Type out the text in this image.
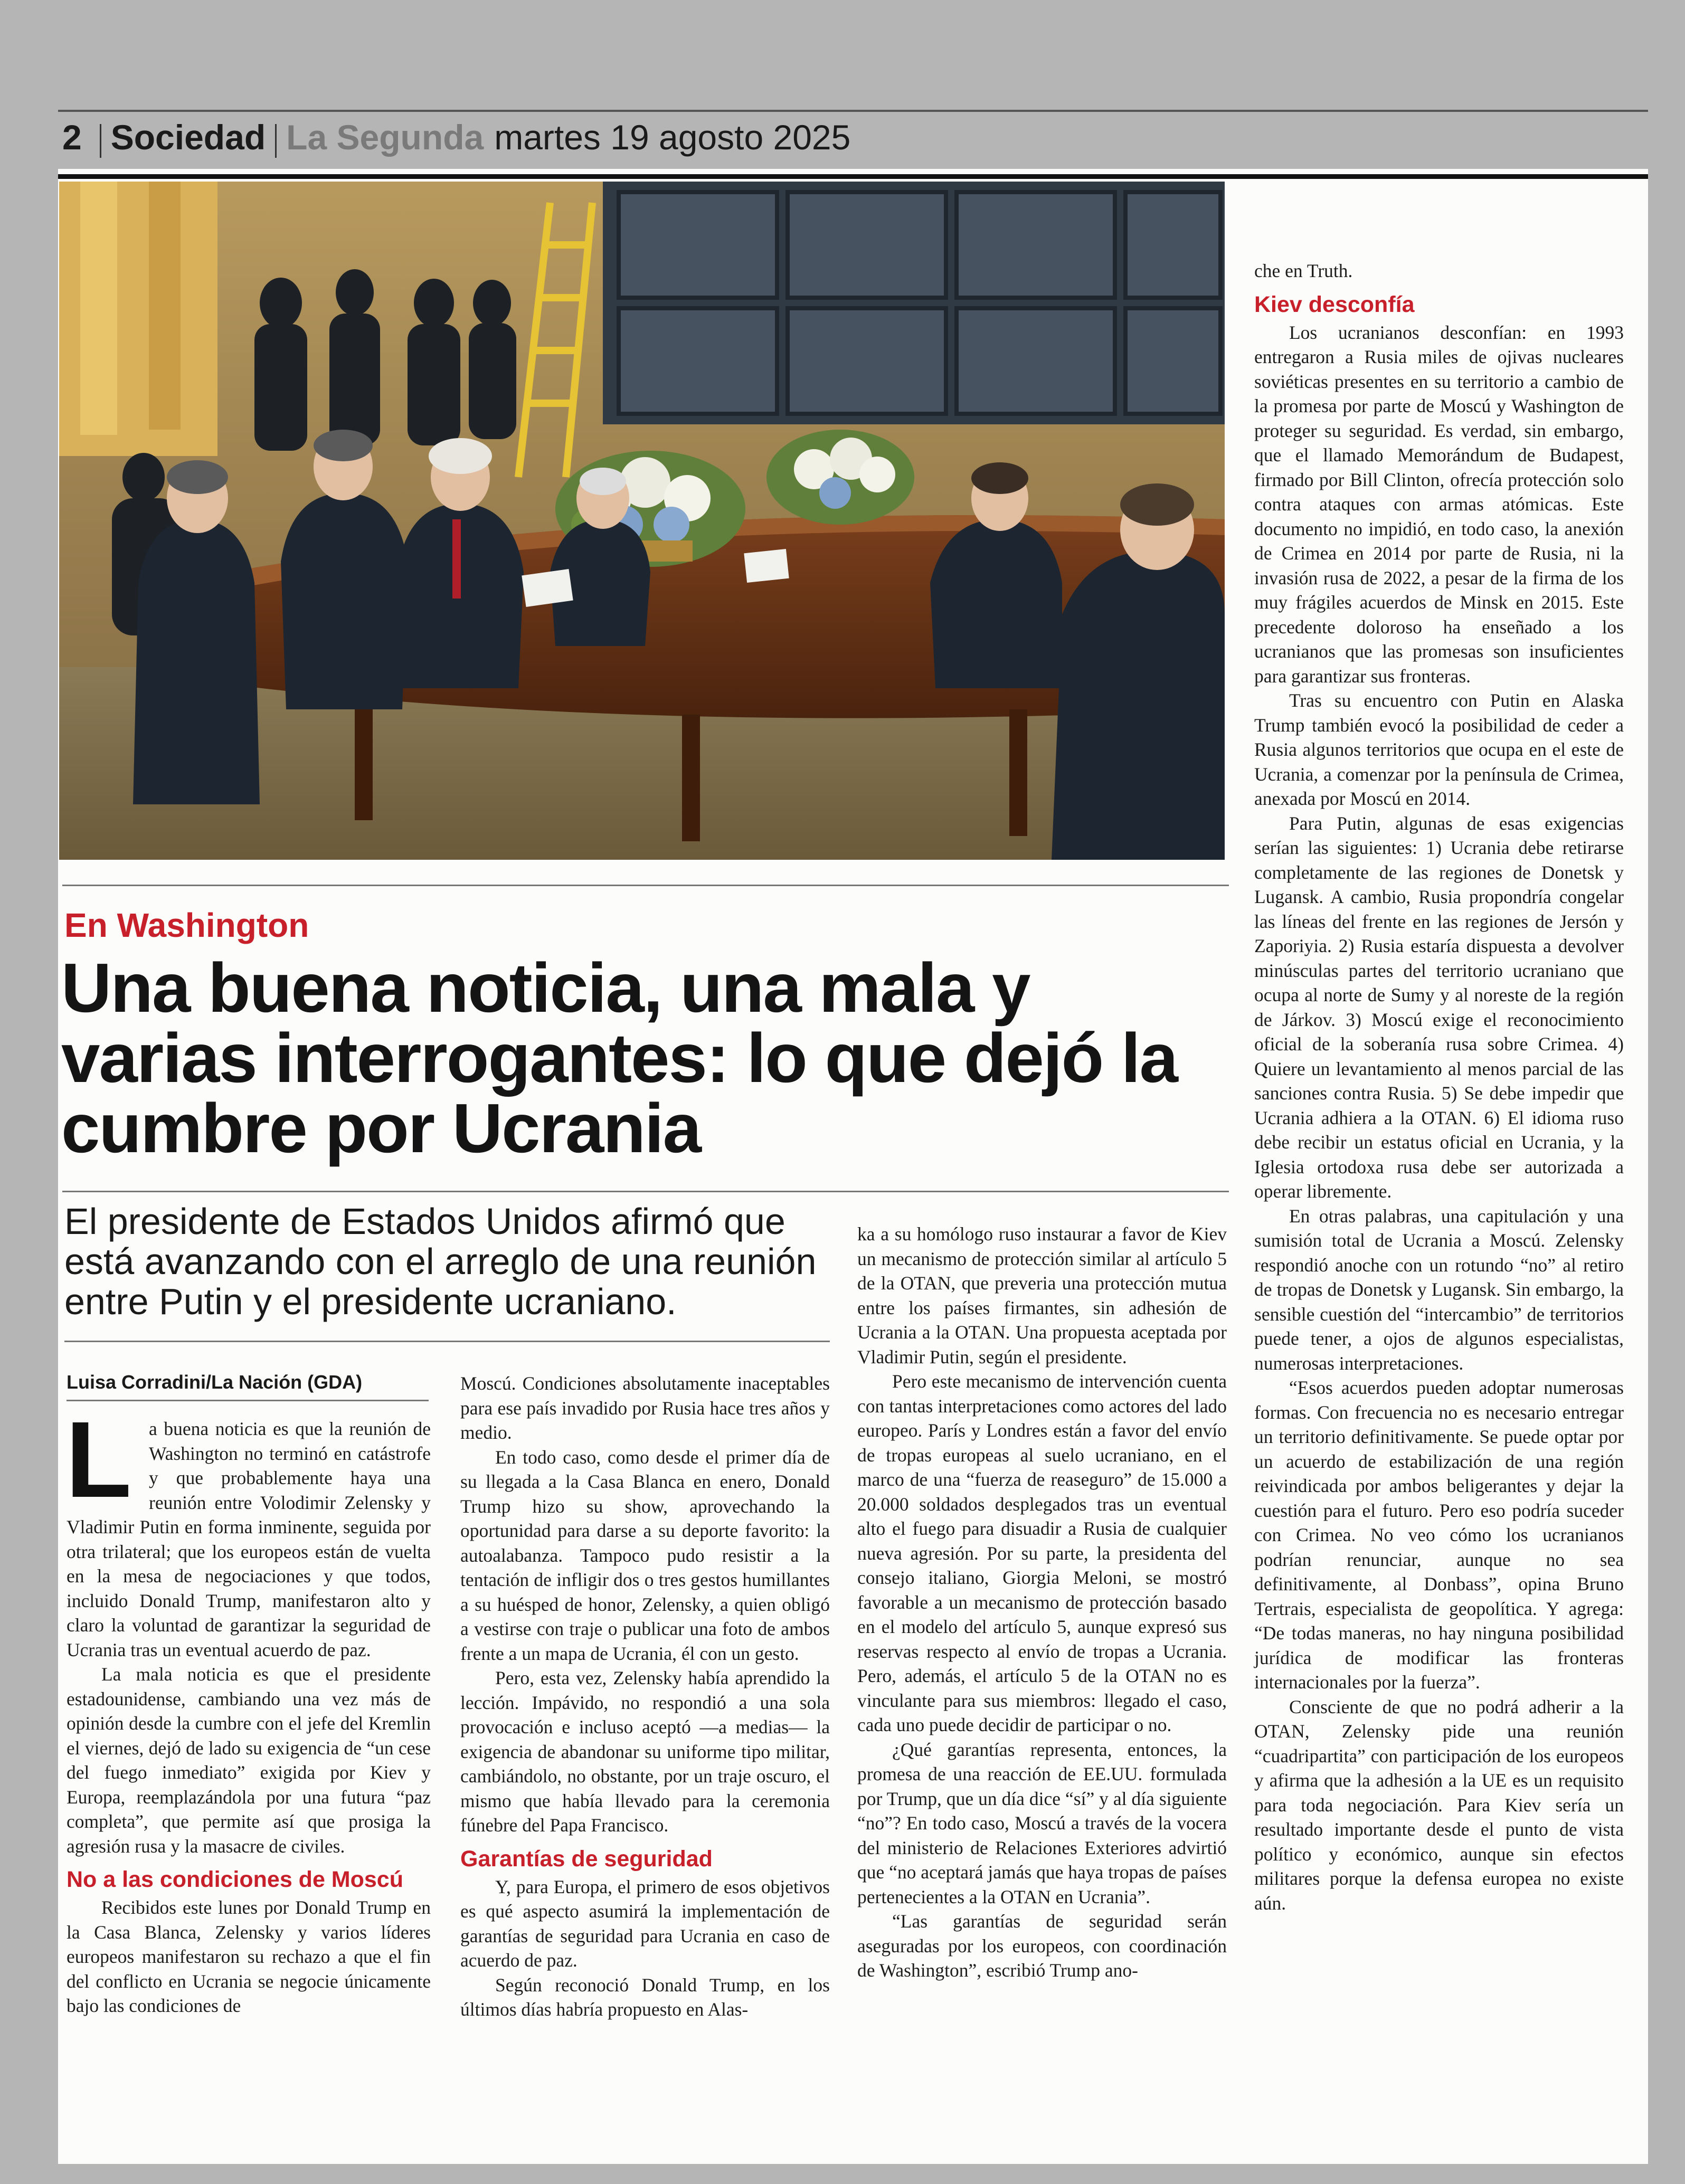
2 Sociedad La Segunda martes 19 agosto 2025
En Washington
Una buena noticia, una mala y varias interrogantes: lo que dejó la cumbre por Ucrania
El presidente de Estados Unidos afirmó que está avanzando con el arreglo de una reunión entre Putin y el presidente ucraniano.
Luisa Corradini/La Nación (GDA)
L a buena noticia es que la reunión de Washington no terminó en catástrofe y que probablemente haya una reunión entre Volodimir Zelensky y Vladimir Putin en forma inminente, seguida por otra trilateral; que los europeos están de vuelta en la mesa de negociaciones y que todos, incluido Donald Trump, manifestaron alto y claro la voluntad de garantizar la seguridad de Ucrania tras un eventual acuerdo de paz.

La mala noticia es que el presidente estadounidense, cambiando una vez más de opinión desde la cumbre con el jefe del Kremlin el viernes, dejó de lado su exigencia de “un cese del fuego inmediato” exigida por Kiev y Europa, reemplazándola por una futura “paz completa”, que permite así que prosiga la agresión rusa y la masacre de civiles.

No a las condiciones de Moscú

Recibidos este lunes por Donald Trump en la Casa Blanca, Zelensky y varios líderes europeos manifestaron su rechazo a que el fin del conflicto en Ucrania se negocie únicamente bajo las condiciones de

Moscú. Condiciones absolutamente inaceptables para ese país invadido por Rusia hace tres años y medio.

En todo caso, como desde el primer día de su llegada a la Casa Blanca en enero, Donald Trump hizo su show, aprovechando la oportunidad para darse a su deporte favorito: la autoalabanza. Tampoco pudo resistir a la tentación de infligir dos o tres gestos humillantes a su huésped de honor, Zelensky, a quien obligó a vestirse con traje o publicar una foto de ambos frente a un mapa de Ucrania, él con un gesto.

Pero, esta vez, Zelensky había aprendido la lección. Impávido, no respondió a una sola provocación e incluso aceptó —a medias— la exigencia de abandonar su uniforme tipo militar, cambiándolo, no obstante, por un traje oscuro, el mismo que había llevado para la ceremonia fúnebre del Papa Francisco.

Garantías de seguridad

Y, para Europa, el primero de esos objetivos es qué aspecto asumirá la implementación de garantías de seguridad para Ucrania en caso de acuerdo de paz.

Según reconoció Donald Trump, en los últimos días habría propuesto en Alas-

ka a su homólogo ruso instaurar a favor de Kiev un mecanismo de protección similar al artículo 5 de la OTAN, que preveria una protección mutua entre los países firmantes, sin adhesión de Ucrania a la OTAN. Una propuesta aceptada por Vladimir Putin, según el presidente.

Pero este mecanismo de intervención cuenta con tantas interpretaciones como actores del lado europeo. París y Londres están a favor del envío de tropas europeas al suelo ucraniano, en el marco de una “fuerza de reaseguro” de 15.000 a 20.000 soldados desplegados tras un eventual alto el fuego para disuadir a Rusia de cualquier nueva agresión. Por su parte, la presidenta del consejo italiano, Giorgia Meloni, se mostró favorable a un mecanismo de protección basado en el modelo del artículo 5, aunque expresó sus reservas respecto al envío de tropas a Ucrania. Pero, además, el artículo 5 de la OTAN no es vinculante para sus miembros: llegado el caso, cada uno puede decidir de participar o no.

¿Qué garantías representa, entonces, la promesa de una reacción de EE.UU. formulada por Trump, que un día dice “sí” y al día siguiente “no”? En todo caso, Moscú a través de la vocera del ministerio de Relaciones Exteriores advirtió que “no aceptará jamás que haya tropas de países pertenecientes a la OTAN en Ucrania”.

“Las garantías de seguridad serán aseguradas por los europeos, con coordinación de Washington”, escribió Trump ano-

che en Truth.

Kiev desconfía

Los ucranianos desconfían: en 1993 entregaron a Rusia miles de ojivas nucleares soviéticas presentes en su territorio a cambio de la promesa por parte de Moscú y Washington de proteger su seguridad. Es verdad, sin embargo, que el llamado Memorándum de Budapest, firmado por Bill Clinton, ofrecía protección solo contra ataques con armas atómicas. Este documento no impidió, en todo caso, la anexión de Crimea en 2014 por parte de Rusia, ni la invasión rusa de 2022, a pesar de la firma de los muy frágiles acuerdos de Minsk en 2015. Este precedente doloroso ha enseñado a los ucranianos que las promesas son insuficientes para garantizar sus fronteras.

Tras su encuentro con Putin en Alaska Trump también evocó la posibilidad de ceder a Rusia algunos territorios que ocupa en el este de Ucrania, a comenzar por la península de Crimea, anexada por Moscú en 2014.

Para Putin, algunas de esas exigencias serían las siguientes: 1) Ucrania debe retirarse completamente de las regiones de Donetsk y Lugansk. A cambio, Rusia propondría congelar las líneas del frente en las regiones de Jersón y Zaporiyia. 2) Rusia estaría dispuesta a devolver minúsculas partes del territorio ucraniano que ocupa al norte de Sumy y al noreste de la región de Járkov. 3) Moscú exige el reconocimiento oficial de la soberanía rusa sobre Crimea. 4) Quiere un levantamiento al menos parcial de las sanciones contra Rusia. 5) Se debe impedir que Ucrania adhiera a la OTAN. 6) El idioma ruso debe recibir un estatus oficial en Ucrania, y la Iglesia ortodoxa rusa debe ser autorizada a operar libremente.

En otras palabras, una capitulación y una sumisión total de Ucrania a Moscú. Zelensky respondió anoche con un rotundo “no” al retiro de tropas de Donetsk y Lugansk. Sin embargo, la sensible cuestión del “intercambio” de territorios puede tener, a ojos de algunos especialistas, numerosas interpretaciones.

“Esos acuerdos pueden adoptar numerosas formas. Con frecuencia no es necesario entregar un territorio definitivamente. Se puede optar por un acuerdo de estabilización de una región reivindicada por ambos beligerantes y dejar la cuestión para el futuro. Pero eso podría suceder con Crimea. No veo cómo los ucranianos podrían renunciar, aunque no sea definitivamente, al Donbass”, opina Bruno Tertrais, especialista de geopolítica. Y agrega: “De todas maneras, no hay ninguna posibilidad jurídica de modificar las fronteras internacionales por la fuerza”.

Consciente de que no podrá adherir a la OTAN, Zelensky pide una reunión “cuadripartita” con participación de los europeos y afirma que la adhesión a la UE es un requisito para toda negociación. Para Kiev sería un resultado importante desde el punto de vista político y económico, aunque sin efectos militares porque la defensa europea no existe aún.
